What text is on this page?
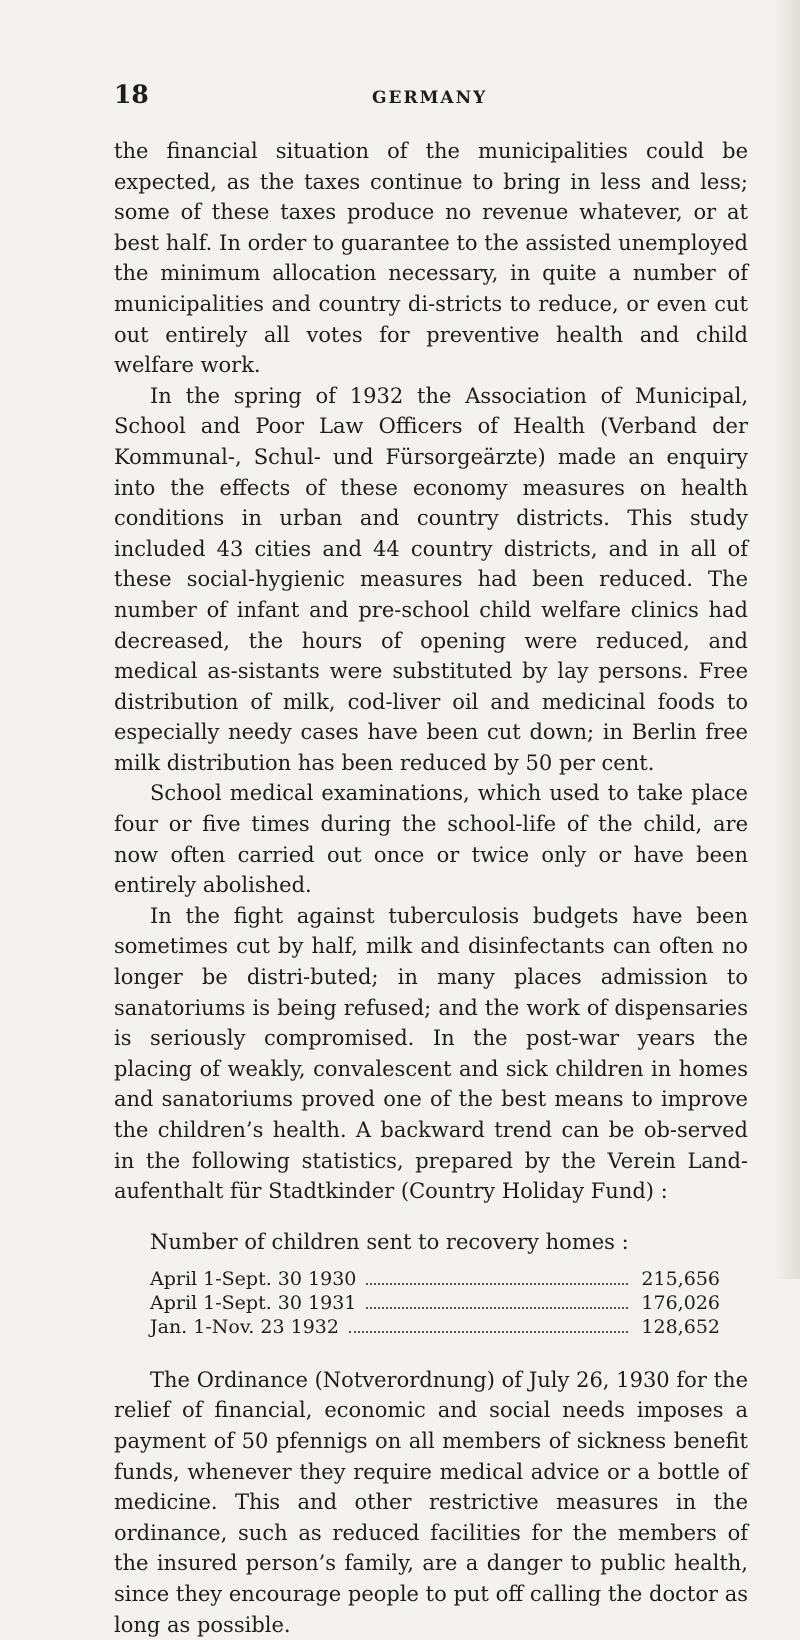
18	GERMANY

the financial situation of the municipalities could be expected, as the taxes continue to bring in less and less; some of these taxes produce no revenue whatever, or at best half. In order to guarantee to the assisted unemployed the minimum allocation necessary, in quite a number of municipalities and country di-stricts to reduce, or even cut out entirely all votes for preventive health and child welfare work.

In the spring of 1932 the Association of Municipal, School and Poor Law Officers of Health (Verband der Kommunal-, Schul- und Fürsorgeärzte) made an enquiry into the effects of these economy measures on health conditions in urban and country districts. This study included 43 cities and 44 country districts, and in all of these social-hygienic measures had been reduced. The number of infant and pre-school child welfare clinics had decreased, the hours of opening were reduced, and medical as-sistants were substituted by lay persons. Free distribution of milk, cod-liver oil and medicinal foods to especially needy cases have been cut down; in Berlin free milk distribution has been reduced by 50 per cent.

School medical examinations, which used to take place four or five times during the school-life of the child, are now often carried out once or twice only or have been entirely abolished.

In the fight against tuberculosis budgets have been sometimes cut by half, milk and disinfectants can often no longer be distri-buted; in many places admission to sanatoriums is being refused; and the work of dispensaries is seriously compromised. In the post-war years the placing of weakly, convalescent and sick children in homes and sanatoriums proved one of the best means to improve the children’s health. A backward trend can be ob-served in the following statistics, prepared by the Verein Land-aufenthalt für Stadtkinder (Country Holiday Fund) :

Number of children sent to recovery homes :
April 1-Sept. 30 1930	215,656
April 1-Sept. 30 1931	176,026
Jan. 1-Nov. 23 1932	128,652

The Ordinance (Notverordnung) of July 26, 1930 for the relief of financial, economic and social needs imposes a payment of 50 pfennigs on all members of sickness benefit funds, whenever they require medical advice or a bottle of medicine. This and other restrictive measures in the ordinance, such as reduced facilities for the members of the insured person’s family, are a danger to public health, since they encourage people to put off calling the doctor as long as possible.
